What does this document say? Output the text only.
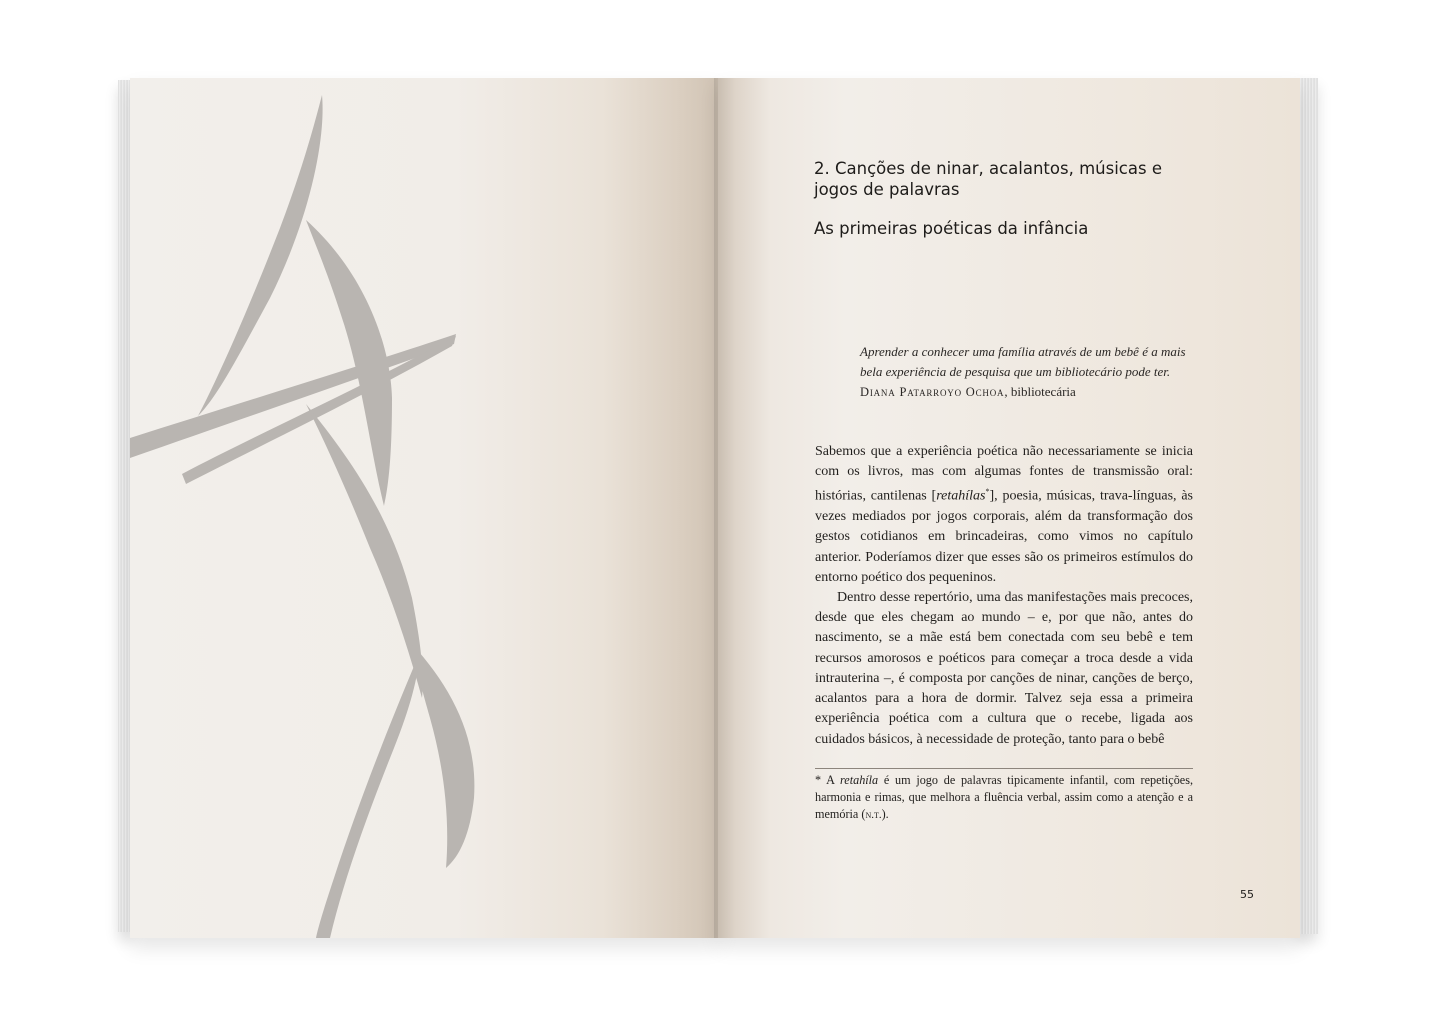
2. Canções de ninar, acalantos, músicas e jogos de palavras
As primeiras poéticas da infância
Aprender a conhecer uma família através de um bebê é a mais bela experiência de pesquisa que um bibliotecário pode ter.
Diana Patarroyo Ochoa, bibliotecária

Sabemos que a experiência poética não necessariamente se inicia com os livros, mas com algumas fontes de transmissão oral: histórias, cantilenas [retahílas*], poesia, músicas, trava-línguas, às vezes mediados por jogos corporais, além da transformação dos gestos cotidianos em brincadeiras, como vimos no capítulo anterior. Poderíamos dizer que esses são os primeiros estímulos do entorno poético dos pequeninos.

Dentro desse repertório, uma das manifestações mais precoces, desde que eles chegam ao mundo – e, por que não, antes do nascimento, se a mãe está bem conectada com seu bebê e tem recursos amorosos e poéticos para começar a troca desde a vida intrauterina –, é composta por canções de ninar, canções de berço, acalantos para a hora de dormir. Talvez seja essa a primeira experiência poética com a cultura que o recebe, ligada aos cuidados básicos, à necessidade de proteção, tanto para o bebê

* A retahíla é um jogo de palavras tipicamente infantil, com repetições, harmonia e rimas, que melhora a fluência verbal, assim como a atenção e a memória (n.t.).
55
